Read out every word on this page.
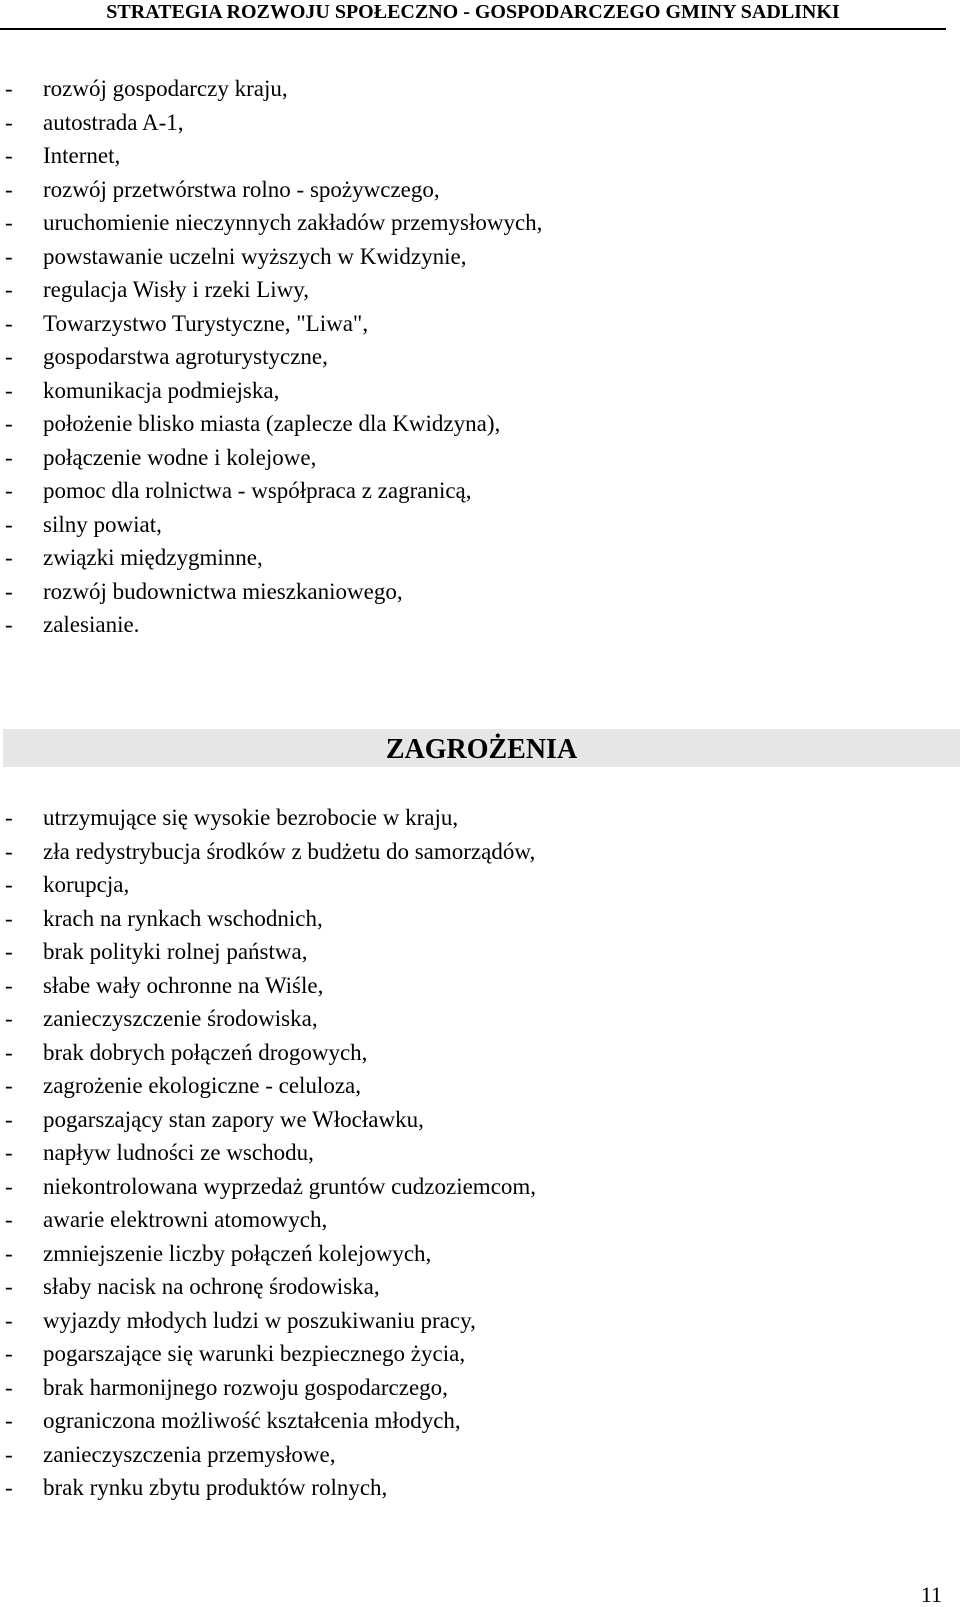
STRATEGIA ROZWOJU SPOŁECZNO - GOSPODARCZEGO GMINY SADLINKI
- rozwój gospodarczy kraju,
- autostrada A-1,
- Internet,
- rozwój przetwórstwa rolno - spożywczego,
- uruchomienie nieczynnych zakładów przemysłowych,
- powstawanie uczelni wyższych w Kwidzynie,
- regulacja Wisły i rzeki Liwy,
- Towarzystwo Turystyczne, "Liwa",
- gospodarstwa agroturystyczne,
- komunikacja podmiejska,
- położenie blisko miasta (zaplecze dla Kwidzyna),
- połączenie wodne i kolejowe,
- pomoc dla rolnictwa - współpraca z zagranicą,
- silny powiat,
- związki międzygminne,
- rozwój budownictwa mieszkaniowego,
- zalesianie.
ZAGROŻENIA
- utrzymujące się wysokie bezrobocie w kraju,
- zła redystrybucja środków z budżetu do samorządów,
- korupcja,
- krach na rynkach wschodnich,
- brak polityki rolnej państwa,
- słabe wały ochronne na Wiśle,
- zanieczyszczenie środowiska,
- brak dobrych połączeń drogowych,
- zagrożenie ekologiczne - celuloza,
- pogarszający stan zapory we Włocławku,
- napływ ludności ze wschodu,
- niekontrolowana wyprzedaż gruntów cudzoziemcom,
- awarie elektrowni atomowych,
- zmniejszenie liczby połączeń kolejowych,
- słaby nacisk na ochronę środowiska,
- wyjazdy młodych ludzi w poszukiwaniu pracy,
- pogarszające się warunki bezpiecznego życia,
- brak harmonijnego rozwoju gospodarczego,
- ograniczona możliwość kształcenia młodych,
- zanieczyszczenia przemysłowe,
- brak rynku zbytu produktów rolnych,
11
